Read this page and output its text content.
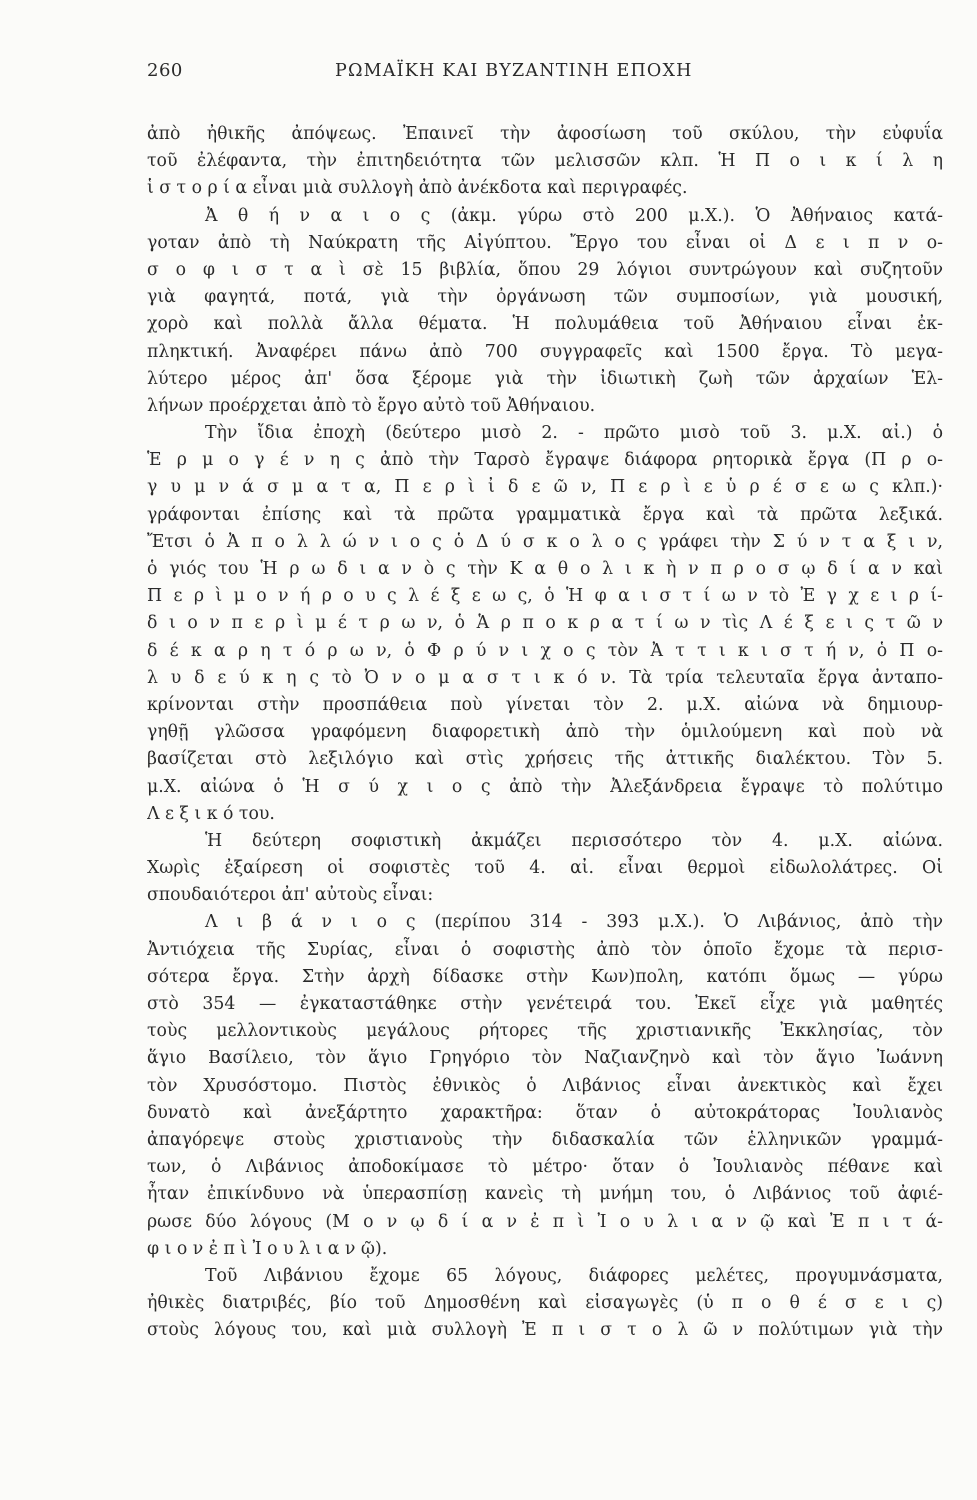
260	ΡΩΜΑΪΚΗ ΚΑΙ ΒΥΖΑΝΤΙΝΗ ΕΠΟΧΗ
ἀπὸ ἠθικῆς ἀπόψεως. Ἐπαινεῖ τὴν ἀφοσίωση τοῦ σκύλου, τὴν εὐφυΐα
τοῦ ἐλέφαντα, τὴν ἐπιτηδειότητα τῶν μελισσῶν κλπ. Ἡ Π ο ι κ ί λ η
ἱ σ τ ο ρ ί α εἶναι μιὰ συλλογὴ ἀπὸ ἀνέκδοτα καὶ περιγραφές.
Ἀ θ ή ν α ι ο ς (ἀκμ. γύρω στὸ 200 μ.Χ.). Ὁ Ἀθήναιος κατά-
γοταν ἀπὸ τὴ Ναύκρατη τῆς Αἰγύπτου. Ἔργο του εἶναι οἱ Δ ε ι π ν ο-
σ ο φ ι σ τ α ὶ σὲ 15 βιβλία, ὅπου 29 λόγιοι συντρώγουν καὶ συζητοῦν
γιὰ φαγητά, ποτά, γιὰ τὴν ὀργάνωση τῶν συμποσίων, γιὰ μουσική,
χορὸ καὶ πολλὰ ἄλλα θέματα. Ἡ πολυμάθεια τοῦ Ἀθήναιου εἶναι ἐκ-
πληκτική. Ἀναφέρει πάνω ἀπὸ 700 συγγραφεῖς καὶ 1500 ἔργα. Τὸ μεγα-
λύτερο μέρος ἀπ' ὅσα ξέρομε γιὰ τὴν ἰδιωτικὴ ζωὴ τῶν ἀρχαίων Ἑλ-
λήνων προέρχεται ἀπὸ τὸ ἔργο αὐτὸ τοῦ Ἀθήναιου.
Τὴν ἴδια ἐποχὴ (δεύτερο μισὸ 2. - πρῶτο μισὸ τοῦ 3. μ.Χ. αἰ.) ὁ
Ἑ ρ μ ο γ έ ν η ς ἀπὸ τὴν Ταρσὸ ἔγραψε διάφορα ρητορικὰ ἔργα (Π ρ ο-
γ υ μ ν ά σ μ α τ α, Π ε ρ ὶ ἰ δ ε ῶ ν, Π ε ρ ὶ ε ὑ ρ έ σ ε ω ς κλπ.)·
γράφονται ἐπίσης καὶ τὰ πρῶτα γραμματικὰ ἔργα καὶ τὰ πρῶτα λεξικά.
Ἔτσι ὁ Ἀ π ο λ λ ώ ν ι ο ς ὁ Δ ύ σ κ ο λ ο ς γράφει τὴν Σ ύ ν τ α ξ ι ν,
ὁ γιός του Ἡ ρ ω δ ι α ν ὸ ς τὴν Κ α θ ο λ ι κ ὴ ν π ρ ο σ ῳ δ ί α ν καὶ
Π ε ρ ὶ μ ο ν ή ρ ο υ ς λ έ ξ ε ω ς, ὁ Ἡ φ α ι σ τ ί ω ν τὸ Ἐ γ χ ε ι ρ ί-
δ ι ο ν π ε ρ ὶ μ έ τ ρ ω ν, ὁ Ἁ ρ π ο κ ρ α τ ί ω ν τὶς Λ έ ξ ε ι ς τ ῶ ν
δ έ κ α ρ η τ ό ρ ω ν, ὁ Φ ρ ύ ν ι χ ο ς τὸν Ἀ τ τ ι κ ι σ τ ή ν, ὁ Π ο-
λ υ δ ε ύ κ η ς τὸ Ὀ ν ο μ α σ τ ι κ ό ν. Τὰ τρία τελευταῖα ἔργα ἀνταπο-
κρίνονται στὴν προσπάθεια ποὺ γίνεται τὸν 2. μ.Χ. αἰώνα νὰ δημιουρ-
γηθῇ γλῶσσα γραφόμενη διαφορετικὴ ἀπὸ τὴν ὁμιλούμενη καὶ ποὺ νὰ
βασίζεται στὸ λεξιλόγιο καὶ στὶς χρήσεις τῆς ἀττικῆς διαλέκτου. Τὸν 5.
μ.Χ. αἰώνα ὁ Ἡ σ ύ χ ι ο ς ἀπὸ τὴν Ἀλεξάνδρεια ἔγραψε τὸ πολύτιμο
Λ ε ξ ι κ ό του.
Ἡ δεύτερη σοφιστικὴ ἀκμάζει περισσότερο τὸν 4. μ.Χ. αἰώνα.
Χωρὶς ἐξαίρεση οἱ σοφιστὲς τοῦ 4. αἰ. εἶναι θερμοὶ εἰδωλολάτρες. Οἱ
σπουδαιότεροι ἀπ' αὐτοὺς εἶναι:
Λ ι β ά ν ι ο ς (περίπου 314 - 393 μ.Χ.). Ὁ Λιβάνιος, ἀπὸ τὴν
Ἀντιόχεια τῆς Συρίας, εἶναι ὁ σοφιστὴς ἀπὸ τὸν ὁποῖο ἔχομε τὰ περισ-
σότερα ἔργα. Στὴν ἀρχὴ δίδασκε στὴν Κων)πολη, κατόπι ὅμως — γύρω
στὸ 354 — ἐγκαταστάθηκε στὴν γενέτειρά του. Ἐκεῖ εἶχε γιὰ μαθητές
τοὺς μελλοντικοὺς μεγάλους ρήτορες τῆς χριστιανικῆς Ἐκκλησίας, τὸν
ἅγιο Βασίλειο, τὸν ἅγιο Γρηγόριο τὸν Ναζιανζηνὸ καὶ τὸν ἅγιο Ἰωάννη
τὸν Χρυσόστομο. Πιστὸς ἐθνικὸς ὁ Λιβάνιος εἶναι ἀνεκτικὸς καὶ ἔχει
δυνατὸ καὶ ἀνεξάρτητο χαρακτῆρα: ὅταν ὁ αὐτοκράτορας Ἰουλιανὸς
ἀπαγόρεψε στοὺς χριστιανοὺς τὴν διδασκαλία τῶν ἑλληνικῶν γραμμά-
των, ὁ Λιβάνιος ἀποδοκίμασε τὸ μέτρο· ὅταν ὁ Ἰουλιανὸς πέθανε καὶ
ἦταν ἐπικίνδυνο νὰ ὑπερασπίσῃ κανεὶς τὴ μνήμη του, ὁ Λιβάνιος τοῦ ἀφιέ-
ρωσε δύο λόγους (Μ ο ν ῳ δ ί α ν ἐ π ὶ Ἰ ο υ λ ι α ν ῷ καὶ Ἐ π ι τ ά-
φ ι ο ν ἐ π ὶ Ἰ ο υ λ ι α ν ῷ).
Τοῦ Λιβάνιου ἔχομε 65 λόγους, διάφορες μελέτες, προγυμνάσματα,
ἠθικὲς διατριβές, βίο τοῦ Δημοσθένη καὶ εἰσαγωγὲς (ὑ π ο θ έ σ ε ι ς)
στοὺς λόγους του, καὶ μιὰ συλλογὴ Ἐ π ι σ τ ο λ ῶ ν πολύτιμων γιὰ τὴν
